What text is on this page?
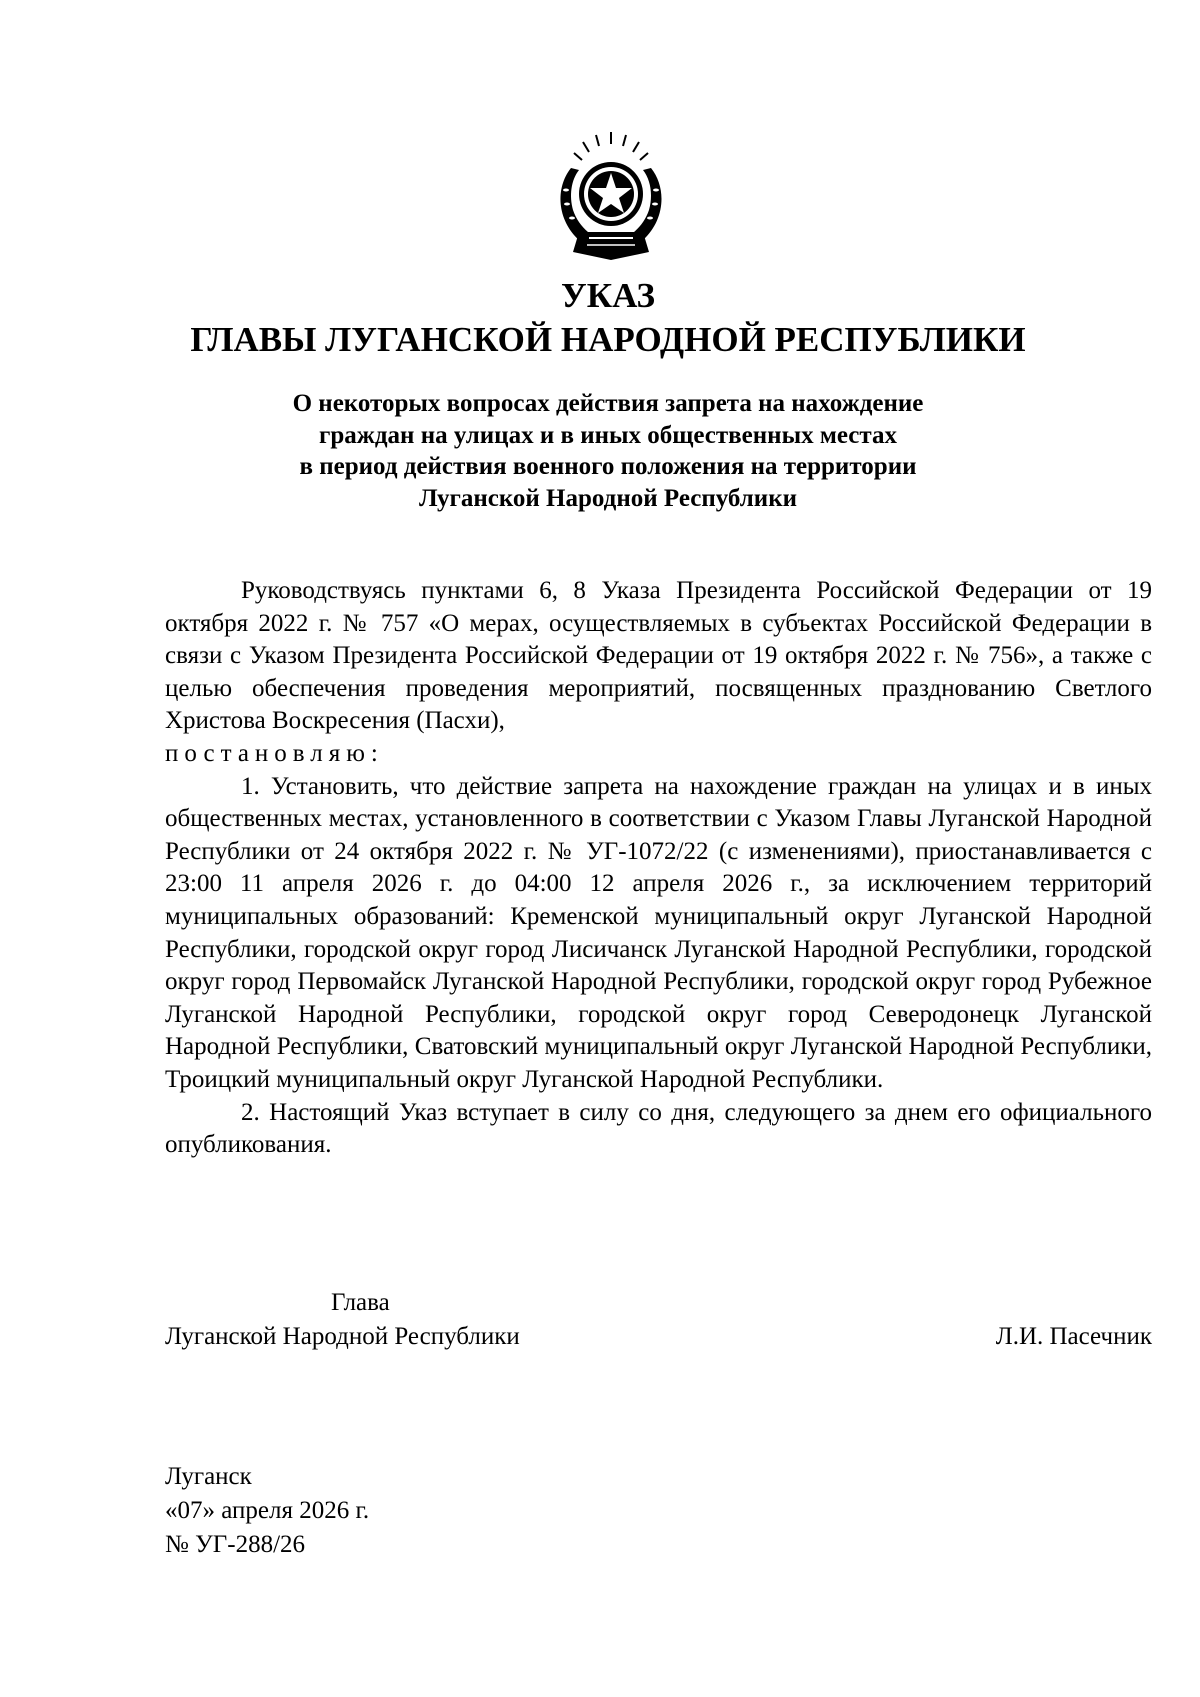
УКАЗ
ГЛАВЫ ЛУГАНСКОЙ НАРОДНОЙ РЕСПУБЛИКИ
О некоторых вопросах действия запрета на нахождение
граждан на улицах и в иных общественных местах
в период действия военного положения на территории
Луганской Народной Республики

Руководствуясь пунктами 6, 8 Указа Президента Российской Федерации от 19 октября 2022 г. № 757 «О мерах, осуществляемых в субъектах Российской Федерации в связи с Указом Президента Российской Федерации от 19 октября 2022 г. № 756», а также с целью обеспечения проведения мероприятий, посвященных празднованию Светлого Христова Воскресения (Пасхи),

постановляю:

1. Установить, что действие запрета на нахождение граждан на улицах и в иных общественных местах, установленного в соответствии с Указом Главы Луганской Народной Республики от 24 октября 2022 г. № УГ-1072/22 (с изменениями), приостанавливается с 23:00 11 апреля 2026 г. до 04:00 12 апреля 2026 г., за исключением территорий муниципальных образований: Кременской муниципальный округ Луганской Народной Республики, городской округ город Лисичанск Луганской Народной Республики, городской округ город Первомайск Луганской Народной Республики, городской округ город Рубежное Луганской Народной Республики, городской округ город Северодонецк Луганской Народной Республики, Сватовский муниципальный округ Луганской Народной Республики, Троицкий муниципальный округ Луганской Народной Республики.

2. Настоящий Указ вступает в силу со дня, следующего за днем его официального опубликования.

Глава
Луганской Народной Республики	Л.И. Пасечник
Луганск
«07» апреля 2026 г.
№ УГ-288/26
